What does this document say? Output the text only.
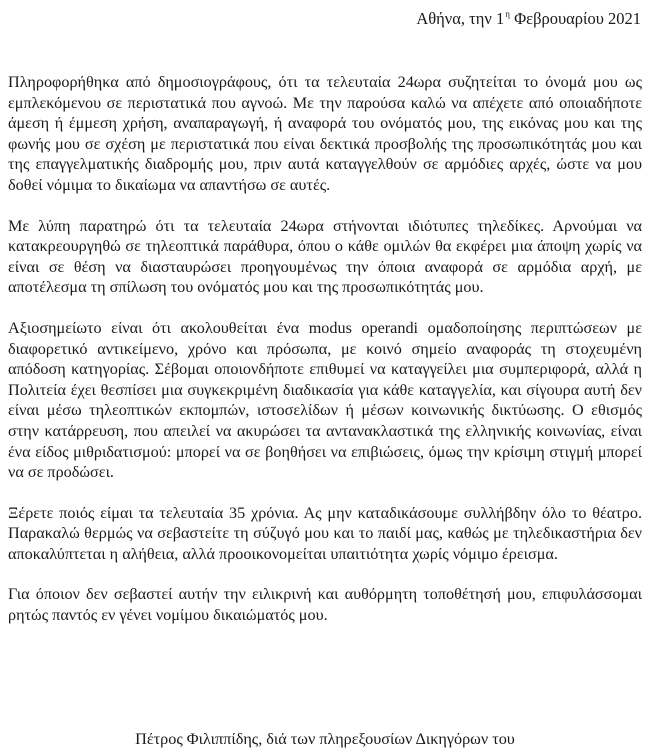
Αθήνα, την $1^\eta$ Φεβρουαρίου 2021

Πληροφορήθηκα από δημοσιογράφους, ότι τα τελευταία 24ωρα συζητείται το όνομά μου ως εμπλεκόμενου σε περιστατικά που αγνοώ. Με την παρούσα καλώ να απέχετε από οποιαδήποτε άμεση ή έμμεση χρήση, αναπαραγωγή, ή αναφορά του ονόματός μου, της εικόνας μου και της φωνής μου σε σχέση με περιστατικά που είναι δεκτικά προσβολής της προσωπικότητάς μου και της επαγγελματικής διαδρομής μου, πριν αυτά καταγγελθούν σε αρμόδιες αρχές, ώστε να μου δοθεί νόμιμα το δικαίωμα να απαντήσω σε αυτές.

Με λύπη παρατηρώ ότι τα τελευταία 24ωρα στήνονται ιδιότυπες τηλεδίκες. Αρνούμαι να κατακρεουργηθώ σε τηλεοπτικά παράθυρα, όπου ο κάθε ομιλών θα εκφέρει μια άποψη χωρίς να είναι σε θέση να διασταυρώσει προηγουμένως την όποια αναφορά σε αρμόδια αρχή, με αποτέλεσμα τη σπίλωση του ονόματός μου και της προσωπικότητάς μου.

Αξιοσημείωτο είναι ότι ακολουθείται ένα modus operandi ομαδοποίησης περιπτώσεων με διαφορετικό αντικείμενο, χρόνο και πρόσωπα, με κοινό σημείο αναφοράς τη στοχευμένη απόδοση κατηγορίας. Σέβομαι οποιονδήποτε επιθυμεί να καταγγείλει μια συμπεριφορά, αλλά η Πολιτεία έχει θεσπίσει μια συγκεκριμένη διαδικασία για κάθε καταγγελία, και σίγουρα αυτή δεν είναι μέσω τηλεοπτικών εκπομπών, ιστοσελίδων ή μέσων κοινωνικής δικτύωσης. Ο εθισμός στην κατάρρευση, που απειλεί να ακυρώσει τα αντανακλαστικά της ελληνικής κοινωνίας, είναι ένα είδος μιθριδατισμού: μπορεί να σε βοηθήσει να επιβιώσεις, όμως την κρίσιμη στιγμή μπορεί να σε προδώσει.

Ξέρετε ποιός είμαι τα τελευταία 35 χρόνια. Ας μην καταδικάσουμε συλλήβδην όλο το θέατρο. Παρακαλώ θερμώς να σεβαστείτε τη σύζυγό μου και το παιδί μας, καθώς με τηλεδικαστήρια δεν αποκαλύπτεται η αλήθεια, αλλά προοικονομείται υπαιτιότητα χωρίς νόμιμο έρεισμα.

Για όποιον δεν σεβαστεί αυτήν την ειλικρινή και αυθόρμητη τοποθέτησή μου, επιφυλάσσομαι ρητώς παντός εν γένει νομίμου δικαιώματός μου.

Πέτρος Φιλιππίδης, διά των πληρεξουσίων Δικηγόρων του
